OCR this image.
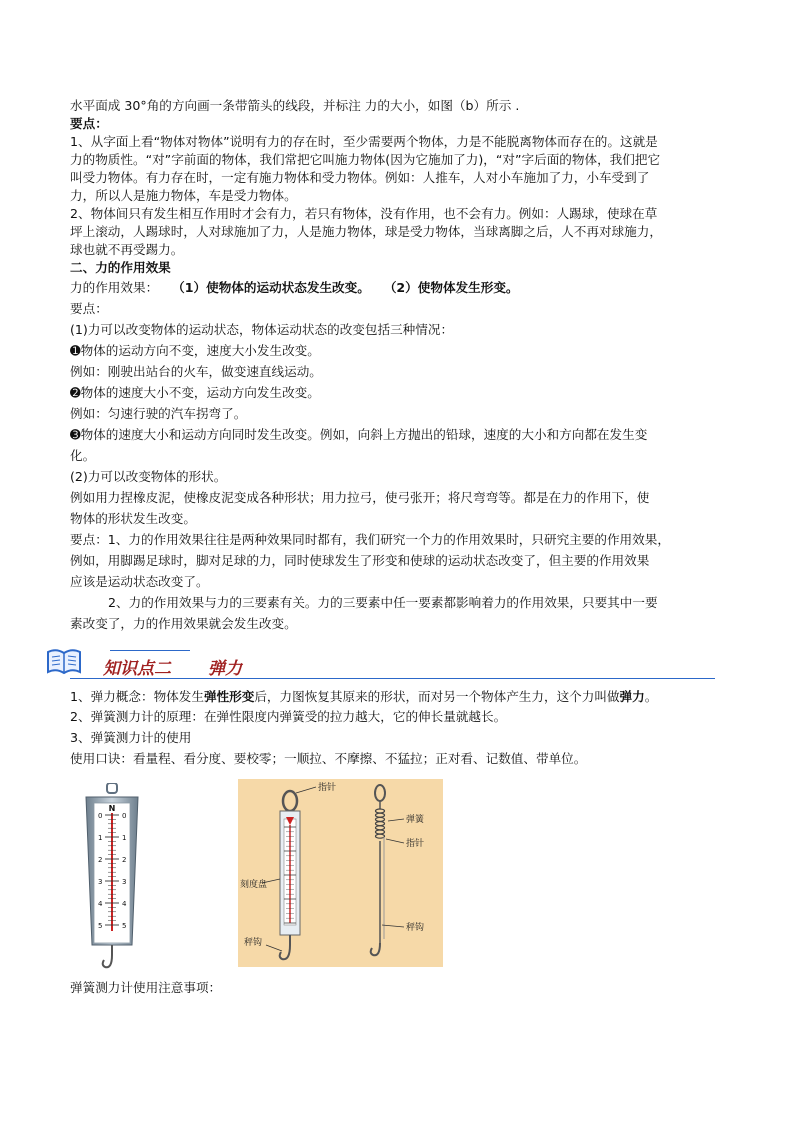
水平面成 30°角的方向画一条带箭头的线段，并标注 力的大小，如图（b）所示 .
要点：
1、从字面上看“物体对物体”说明有力的存在时，至少需要两个物体，力是不能脱离物体而存在的。这就是
力的物质性。“对”字前面的物体，我们常把它叫施力物体(因为它施加了力)，“对”字后面的物体，我们把它
叫受力物体。有力存在时，一定有施力物体和受力物体。例如：人推车，人对小车施加了力，小车受到了
力，所以人是施力物体，车是受力物体。
2、物体间只有发生相互作用时才会有力，若只有物体，没有作用，也不会有力。例如：人踢球，使球在草
坪上滚动，人踢球时，人对球施加了力，人是施力物体，球是受力物体，当球离脚之后，人不再对球施力，
球也就不再受踢力。
二、力的作用效果
力的作用效果： （1）使物体的运动状态发生改变。 （2）使物体发生形变。
要点：
(1)力可以改变物体的运动状态，物体运动状态的改变包括三种情况：
➊物体的运动方向不变，速度大小发生改变。
例如：刚驶出站台的火车，做变速直线运动。
➋物体的速度大小不变，运动方向发生改变。
例如：匀速行驶的汽车拐弯了。
➌物体的速度大小和运动方向同时发生改变。例如，向斜上方抛出的铅球，速度的大小和方向都在发生变
化。
(2)力可以改变物体的形状。
例如用力捏橡皮泥，使橡皮泥变成各种形状；用力拉弓，使弓张开；将尺弯弯等。都是在力的作用下，使
物体的形状发生改变。
要点：1、力的作用效果往往是两种效果同时都有，我们研究一个力的作用效果时，只研究主要的作用效果，
例如，用脚踢足球时，脚对足球的力，同时使球发生了形变和使球的运动状态改变了，但主要的作用效果
应该是运动状态改变了。
2、力的作用效果与力的三要素有关。力的三要素中任一要素都影响着力的作用效果，只要其中一要
素改变了，力的作用效果就会发生改变。
知识点二 弹力
1、弹力概念：物体发生弹性形变后，力图恢复其原来的形状，而对另一个物体产生力，这个力叫做弹力。
2、弹簧测力计的原理：在弹性限度内弹簧受的拉力越大，它的伸长量就越长。
3、弹簧测力计的使用
使用口诀：看量程、看分度、要校零；一顺拉、不摩擦、不猛拉；正对看、记数值、带单位。
N
0
1
2
3
4
5
0
1
2
3
4
5
指针
刻度盘
秤钩
弹簧
指针
秤钩
弹簧测力计使用注意事项：
